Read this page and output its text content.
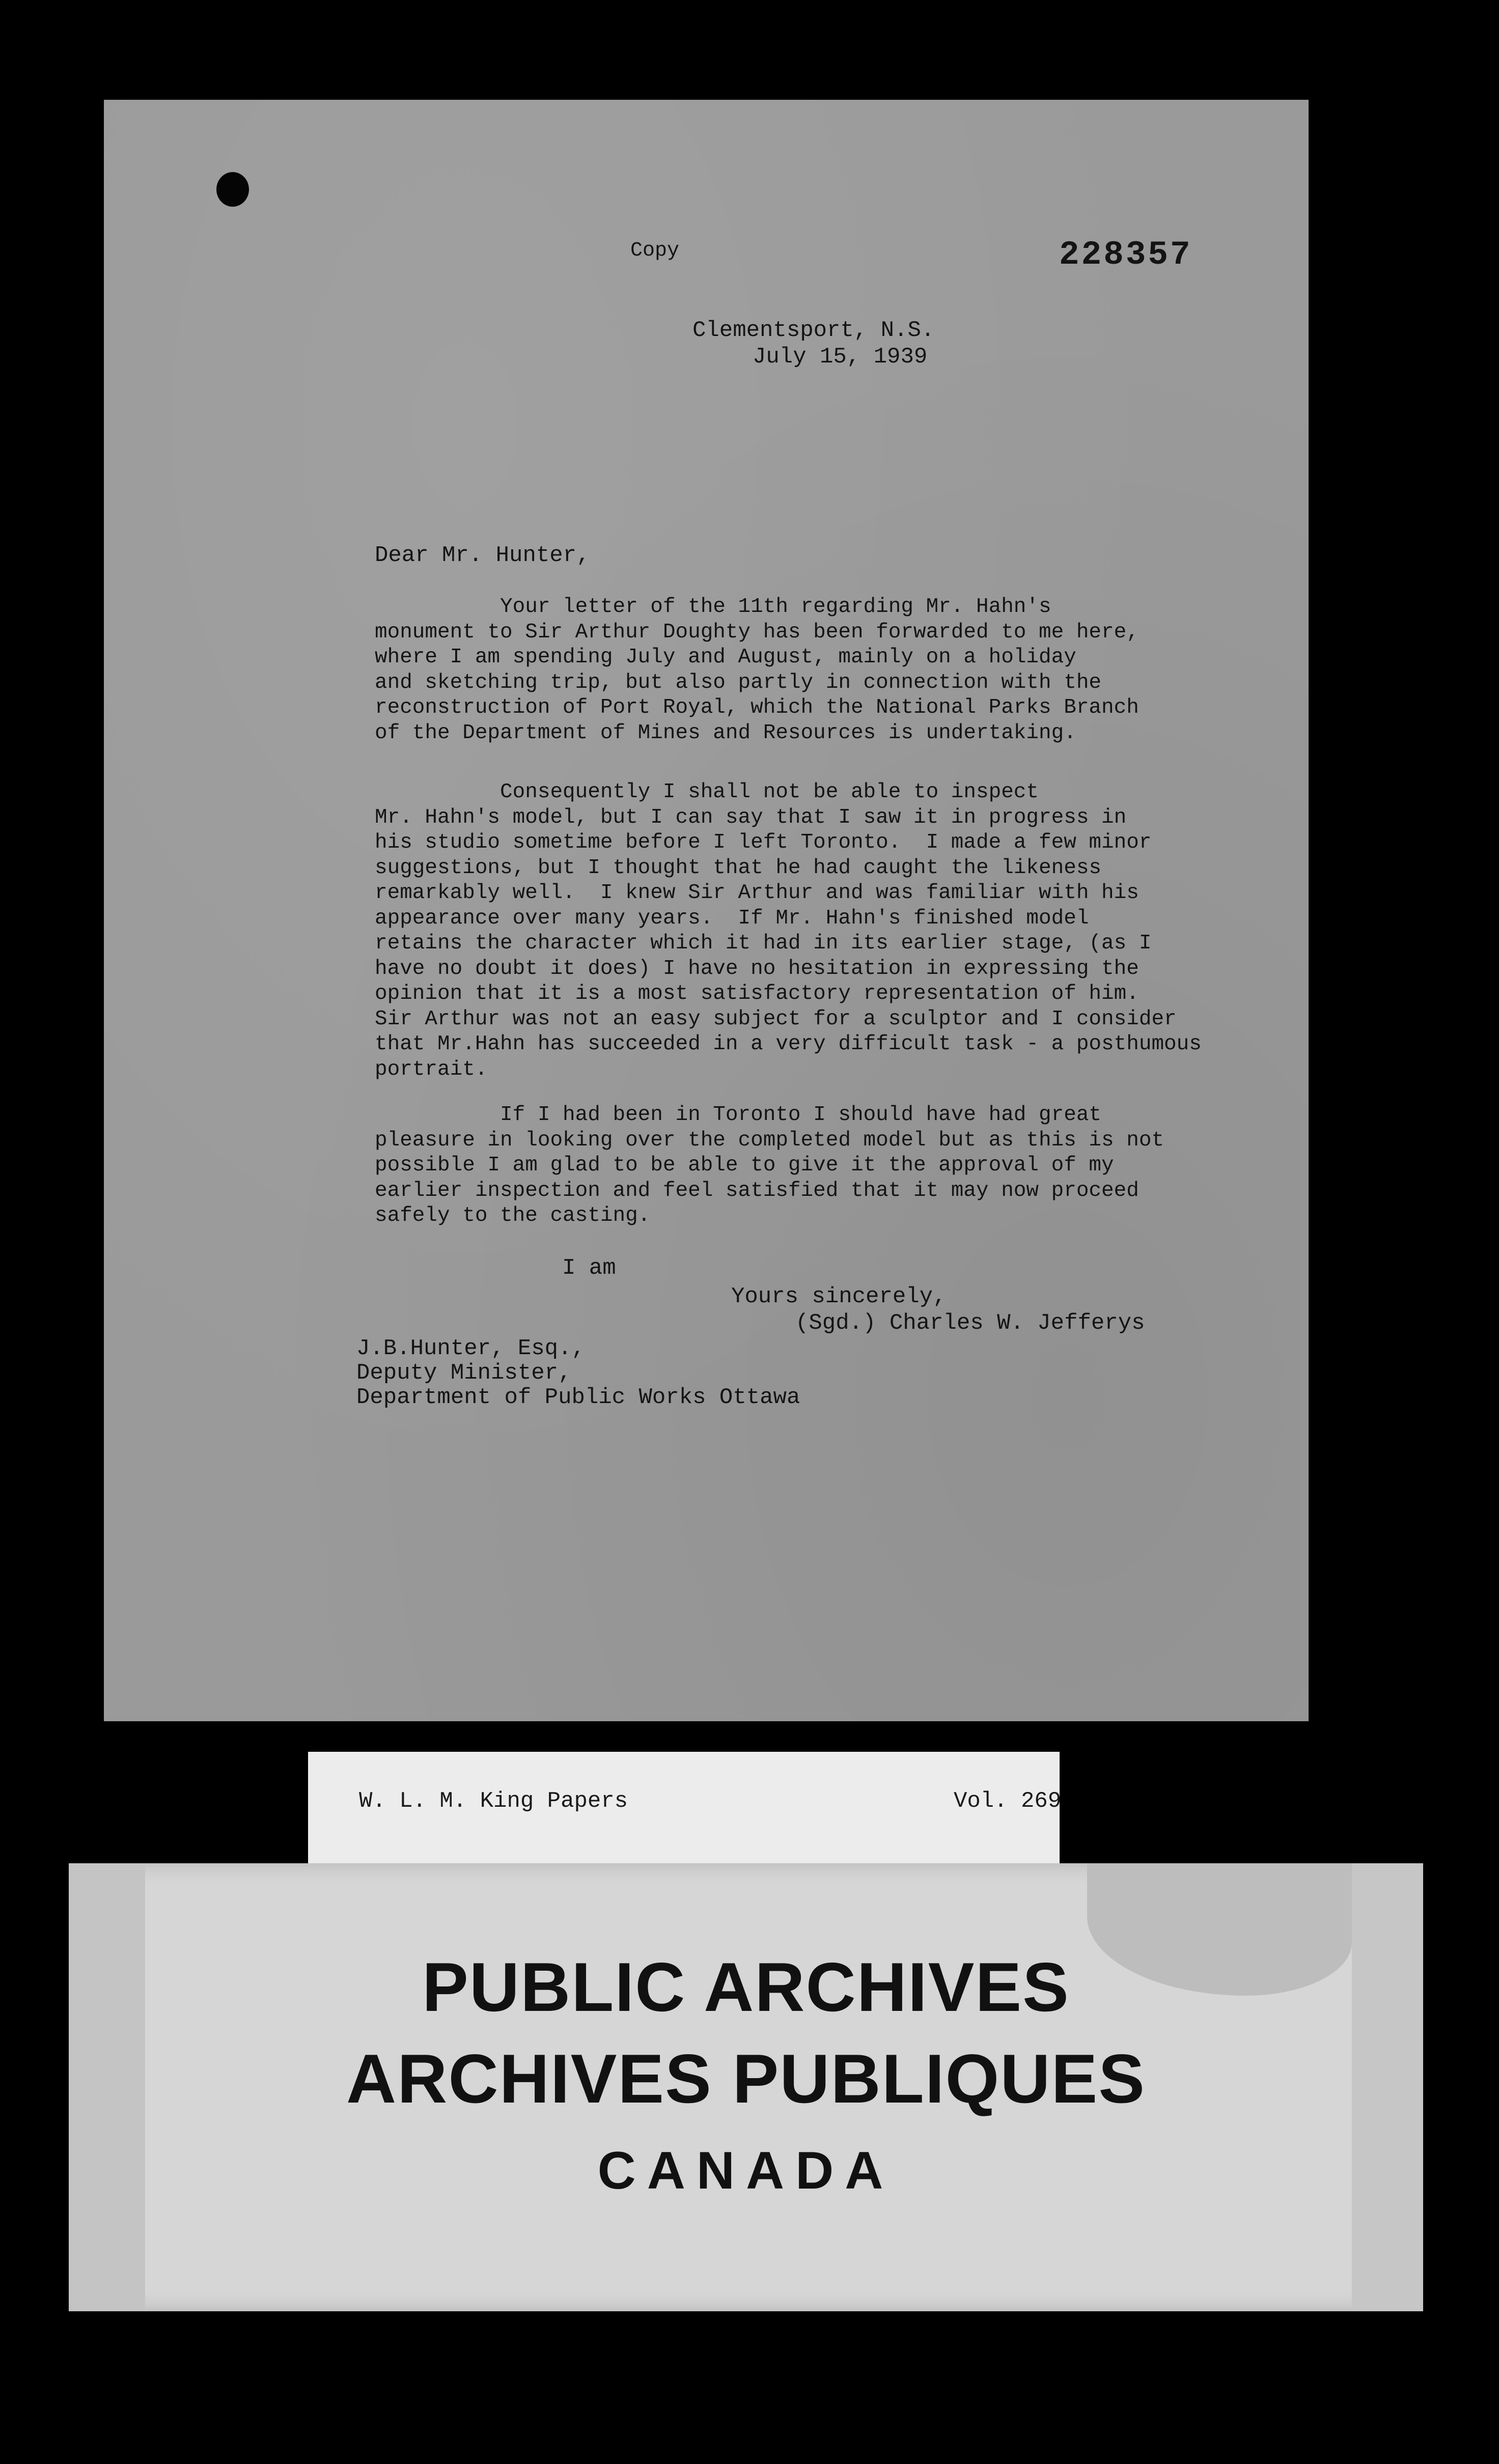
Copy	228357
Clementsport, N.S.
July 15, 1939
Dear Mr. Hunter,
Your letter of the 11th regarding Mr. Hahn's
monument to Sir Arthur Doughty has been forwarded to me here,
where I am spending July and August, mainly on a holiday
and sketching trip, but also partly in connection with the
reconstruction of Port Royal, which the National Parks Branch
of the Department of Mines and Resources is undertaking.
Consequently I shall not be able to inspect
Mr. Hahn's model, but I can say that I saw it in progress in
his studio sometime before I left Toronto.  I made a few minor
suggestions, but I thought that he had caught the likeness
remarkably well.  I knew Sir Arthur and was familiar with his
appearance over many years.  If Mr. Hahn's finished model
retains the character which it had in its earlier stage, (as I
have no doubt it does) I have no hesitation in expressing the
opinion that it is a most satisfactory representation of him.
Sir Arthur was not an easy subject for a sculptor and I consider
that Mr.Hahn has succeeded in a very difficult task - a posthumous
portrait.
If I had been in Toronto I should have had great
pleasure in looking over the completed model but as this is not
possible I am glad to be able to give it the approval of my
earlier inspection and feel satisfied that it may now proceed
safely to the casting.
I am
Yours sincerely,
(Sgd.) Charles W. Jefferys
J.B.Hunter, Esq.,
Deputy Minister,
Department of Public Works Ottawa
W. L. M. King Papers	Vol. 269
PUBLIC ARCHIVES
ARCHIVES PUBLIQUES
CANADA
